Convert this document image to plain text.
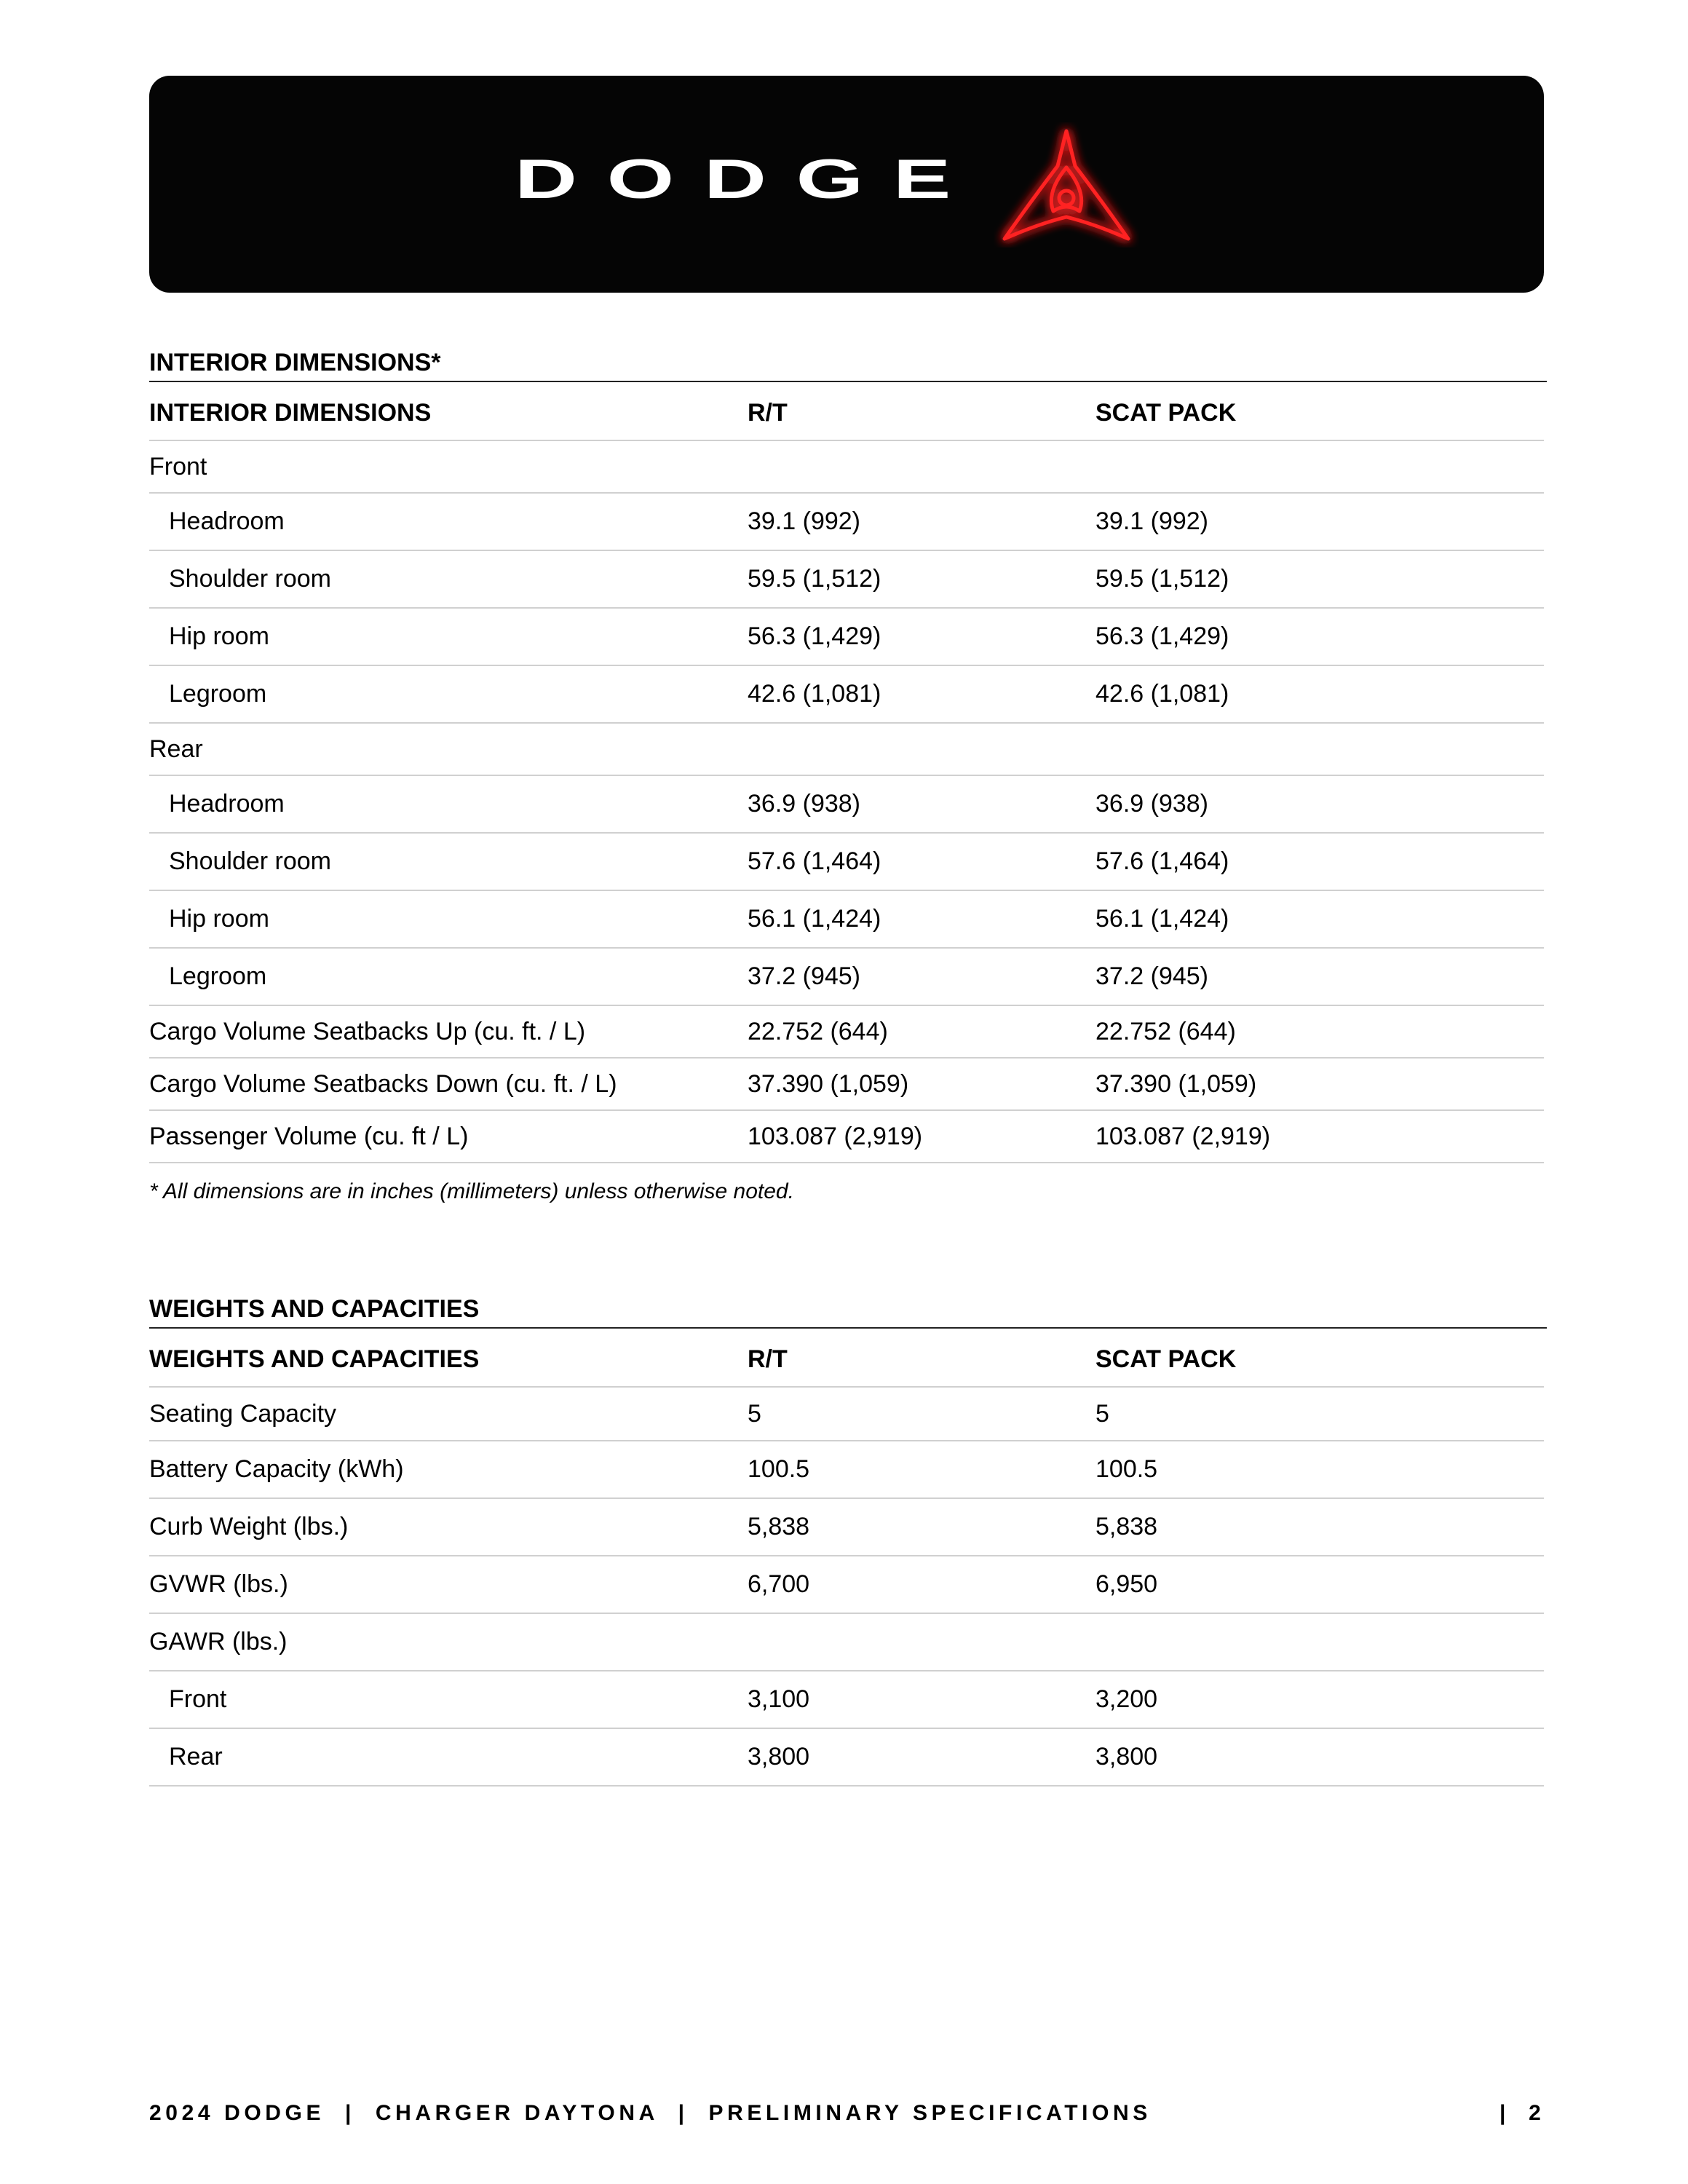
DODGE
INTERIOR DIMENSIONS*
INTERIOR DIMENSIONS	R/T	SCAT PACK
Front		
Headroom	39.1 (992)	39.1 (992)
Shoulder room	59.5 (1,512)	59.5 (1,512)
Hip room	56.3 (1,429)	56.3 (1,429)
Legroom	42.6 (1,081)	42.6 (1,081)
Rear		
Headroom	36.9 (938)	36.9 (938)
Shoulder room	57.6 (1,464)	57.6 (1,464)
Hip room	56.1 (1,424)	56.1 (1,424)
Legroom	37.2 (945)	37.2 (945)
Cargo Volume Seatbacks Up (cu. ft. / L)	22.752 (644)	22.752 (644)
Cargo Volume Seatbacks Down (cu. ft. / L)	37.390 (1,059)	37.390 (1,059)
Passenger Volume (cu. ft / L)	103.087 (2,919)	103.087 (2,919)
* All dimensions are in inches (millimeters) unless otherwise noted.
WEIGHTS AND CAPACITIES
WEIGHTS AND CAPACITIES	R/T	SCAT PACK
Seating Capacity	5	5
Battery Capacity (kWh)	100.5	100.5
Curb Weight (lbs.)	5,838	5,838
GVWR (lbs.)	6,700	6,950
GAWR (lbs.)		
Front	3,100	3,200
Rear	3,800	3,800
2024 DODGE  |  CHARGER DAYTONA  |  PRELIMINARY SPECIFICATIONS	|  2
